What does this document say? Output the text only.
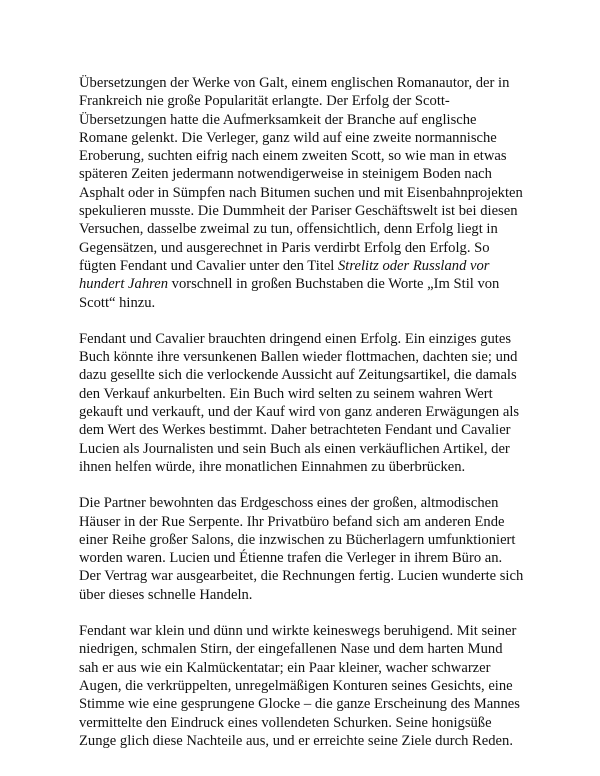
Übersetzungen der Werke von Galt, einem englischen Romanautor, der in
Frankreich nie große Popularität erlangte. Der Erfolg der Scott-
Übersetzungen hatte die Aufmerksamkeit der Branche auf englische
Romane gelenkt. Die Verleger, ganz wild auf eine zweite normannische
Eroberung, suchten eifrig nach einem zweiten Scott, so wie man in etwas
späteren Zeiten jedermann notwendigerweise in steinigem Boden nach
Asphalt oder in Sümpfen nach Bitumen suchen und mit Eisenbahnprojekten
spekulieren musste. Die Dummheit der Pariser Geschäftswelt ist bei diesen
Versuchen, dasselbe zweimal zu tun, offensichtlich, denn Erfolg liegt in
Gegensätzen, und ausgerechnet in Paris verdirbt Erfolg den Erfolg. So
fügten Fendant und Cavalier unter den Titel Strelitz oder Russland vor
hundert Jahren vorschnell in großen Buchstaben die Worte „Im Stil von
Scott“ hinzu.

Fendant und Cavalier brauchten dringend einen Erfolg. Ein einziges gutes
Buch könnte ihre versunkenen Ballen wieder flottmachen, dachten sie; und
dazu gesellte sich die verlockende Aussicht auf Zeitungsartikel, die damals
den Verkauf ankurbelten. Ein Buch wird selten zu seinem wahren Wert
gekauft und verkauft, und der Kauf wird von ganz anderen Erwägungen als
dem Wert des Werkes bestimmt. Daher betrachteten Fendant und Cavalier
Lucien als Journalisten und sein Buch als einen verkäuflichen Artikel, der
ihnen helfen würde, ihre monatlichen Einnahmen zu überbrücken.

Die Partner bewohnten das Erdgeschoss eines der großen, altmodischen
Häuser in der Rue Serpente. Ihr Privatbüro befand sich am anderen Ende
einer Reihe großer Salons, die inzwischen zu Bücherlagern umfunktioniert
worden waren. Lucien und Étienne trafen die Verleger in ihrem Büro an.
Der Vertrag war ausgearbeitet, die Rechnungen fertig. Lucien wunderte sich
über dieses schnelle Handeln.

Fendant war klein und dünn und wirkte keineswegs beruhigend. Mit seiner
niedrigen, schmalen Stirn, der eingefallenen Nase und dem harten Mund
sah er aus wie ein Kalmückentatar; ein Paar kleiner, wacher schwarzer
Augen, die verkrüppelten, unregelmäßigen Konturen seines Gesichts, eine
Stimme wie eine gesprungene Glocke – die ganze Erscheinung des Mannes
vermittelte den Eindruck eines vollendeten Schurken. Seine honigsüße
Zunge glich diese Nachteile aus, und er erreichte seine Ziele durch Reden.
